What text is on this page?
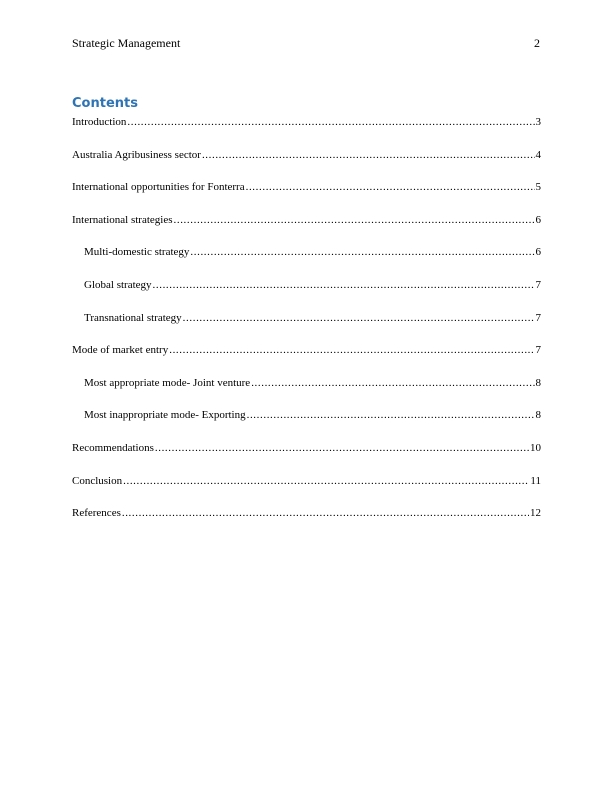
Strategic Management	2
Contents
Introduction .....	3
Australia Agribusiness sector .....	4
International opportunities for Fonterra .....	5
International strategies .....	6
Multi-domestic strategy .....	6
Global strategy .....	7
Transnational strategy .....	7
Mode of market entry .....	7
Most appropriate mode- Joint venture .....	8
Most inappropriate mode- Exporting .....	8
Recommendations .....	10
Conclusion .....	11
References .....	12
